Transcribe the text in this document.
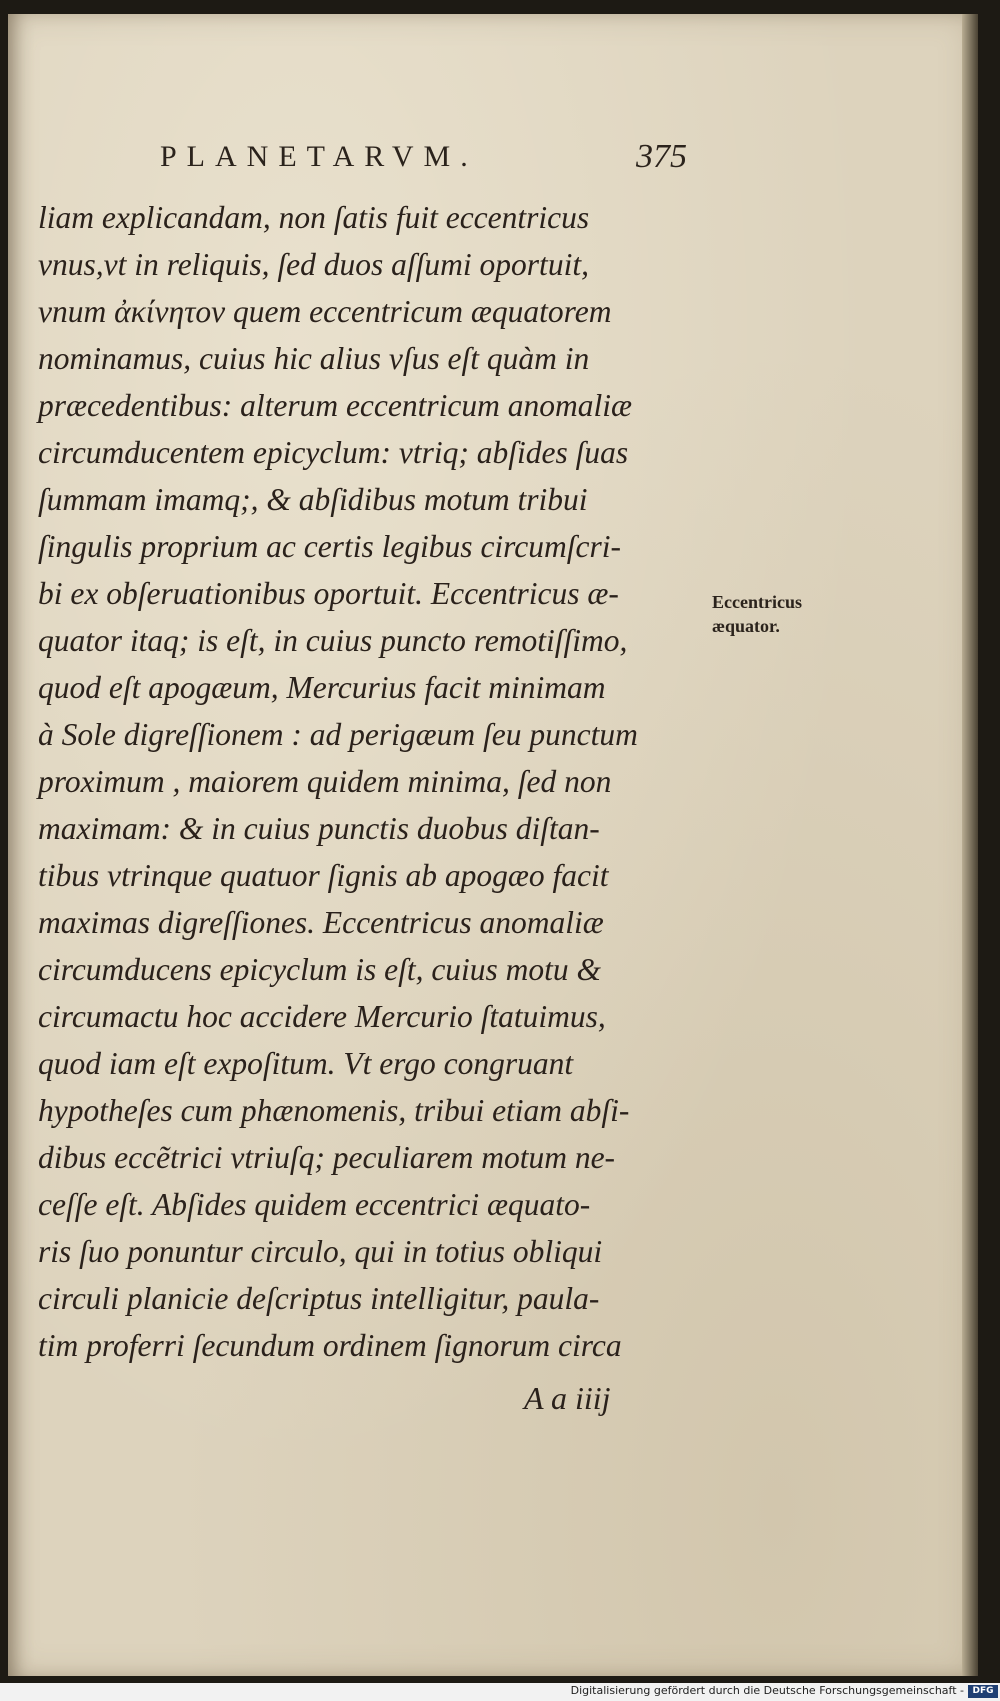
PLANETARVM.	375
liam explicandam, non ſatis fuit eccentricus
vnus,vt in reliquis, ſed duos aſſumi oportuit,
vnum ἀκίνητον quem eccentricum æquatorem
nominamus, cuius hic alius vſus eſt quàm in
præcedentibus: alterum eccentricum anomaliæ
circumducentem epicyclum: vtriq; abſides ſuas
ſummam imamq;, & abſidibus motum tribui
ſingulis proprium ac certis legibus circumſcri-
bi ex obſeruationibus oportuit. Eccentricus æ-
quator itaq; is eſt, in cuius puncto remotiſſimo,
quod eſt apogæum, Mercurius facit minimam
à Sole digreſſionem : ad perigæum ſeu punctum
proximum , maiorem quidem minima, ſed non
maximam: & in cuius punctis duobus diſtan-
tibus vtrinque quatuor ſignis ab apogæo facit
maximas digreſſiones. Eccentricus anomaliæ
circumducens epicyclum is eſt, cuius motu &
circumactu hoc accidere Mercurio ſtatuimus,
quod iam eſt expoſitum. Vt ergo congruant
hypotheſes cum phænomenis, tribui etiam abſi-
dibus eccẽtrici vtriuſq; peculiarem motum ne-
ceſſe eſt. Abſides quidem eccentrici æquato-
ris ſuo ponuntur circulo, qui in totius obliqui
circuli planicie deſcriptus intelligitur, paula-
tim proferri ſecundum ordinem ſignorum circa
Eccentricus
æquator.
A a iiij
Digitalisierung gefördert durch die Deutsche Forschungsgemeinschaft - DFG
